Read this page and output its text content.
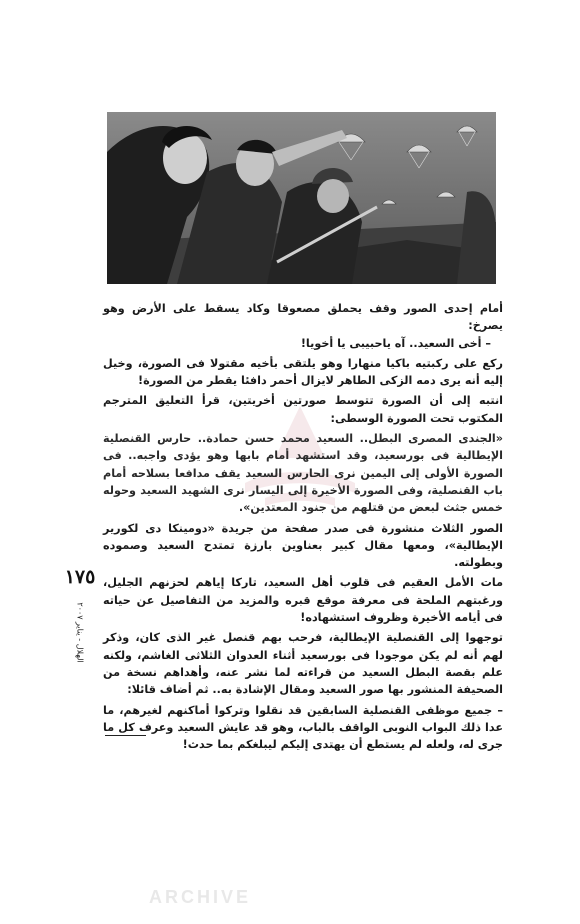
أمام إحدى الصور وقف يحملق مصعوقا وكاد يسقط على الأرض وهو يصرخ:

– أخى السعيد.. آه ياحبيبى يا أخويا!

ركع على ركبتيه باكيا منهارا وهو يلتقى بأخيه مقتولا فى الصورة، وخيل إليه أنه يرى دمه الزكى الطاهر لايزال أحمر دافئا يقطر من الصورة!

انتبه إلى أن الصورة تتوسط صورتين أخريتين، قرأ التعليق المترجم المكتوب تحت الصورة الوسطى:

«الجندى المصرى البطل.. السعيد محمد حسن حمادة.. حارس القنصلية الإيطالية فى بورسعيد، وقد استشهد أمام بابها وهو يؤدى واجبه.. فى الصورة الأولى إلى اليمين نرى الحارس السعيد يقف مدافعا بسلاحه أمام باب القنصلية، وفى الصورة الأخيرة إلى اليسار نرى الشهيد السعيد وحوله خمس جثث لبعض من قتلهم من جنود المعتدين».

الصور الثلاث منشورة فى صدر صفحة من جريدة «دومينكا دى لكورير الإيطالية»، ومعها مقال كبير بعناوين بارزة تمتدح السعيد وصموده وبطولته.

مات الأمل العقيم فى قلوب أهل السعيد، تاركا إياهم لحزنهم الجليل، ورغبتهم الملحة فى معرفة موقع قبره والمزيد من التفاصيل عن حياته فى أيامه الأخيرة وظروف استشهاده!

توجهوا إلى القنصلية الإيطالية، فرحب بهم قنصل غير الذى كان، وذكر لهم أنه لم يكن موجودا فى بورسعيد أثناء العدوان الثلاثى الغاشم، ولكنه علم بقصة البطل السعيد من قراءته لما نشر عنه، وأهداهم نسخة من الصحيفة المنشور بها صور السعيد ومقال الإشادة به.. ثم أضاف قائلا:

– جميع موظفى القنصلية السابقين قد نقلوا وتركوا أماكنهم لغيرهم، ما عدا ذلك البواب النوبى الواقف بالباب، وهو قد عايش السعيد وعرف كل ما جرى له، ولعله لم يستطع أن يهتدى إليكم ليبلغكم بما حدث!

١٧٥
الهلال - يناير ٢٠٠٧
ARCHIVE
